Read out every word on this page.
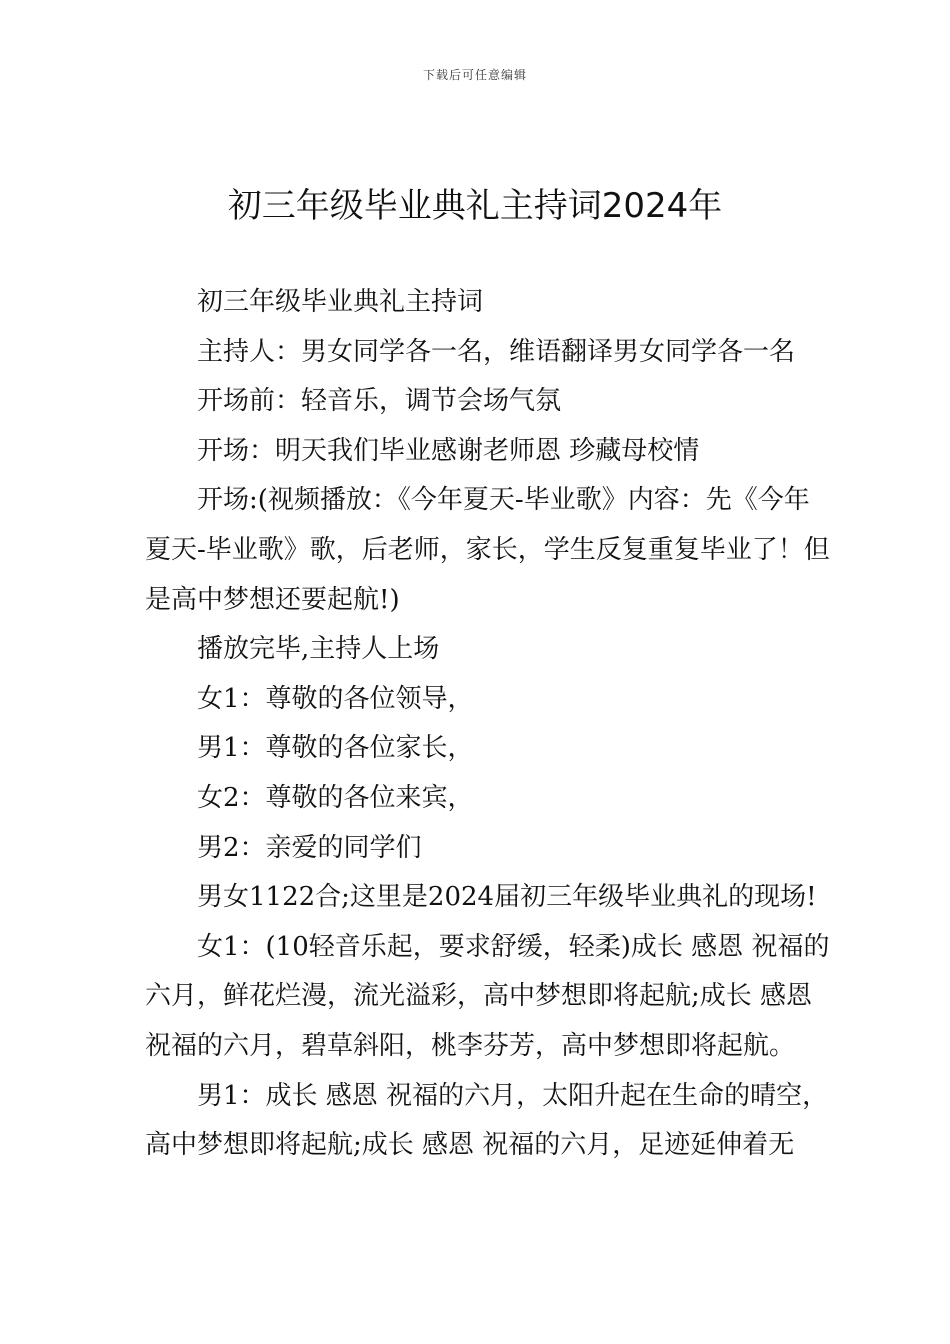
下载后可任意编辑
初三年级毕业典礼主持词2024年

初三年级毕业典礼主持词

主持人：男女同学各一名，维语翻译男女同学各一名

开场前：轻音乐，调节会场气氛

开场：明天我们毕业感谢老师恩 珍藏母校情

开场:(视频播放：《今年夏天-毕业歌》内容：先《今年夏天-毕业歌》歌，后老师，家长，学生反复重复毕业了！但是高中梦想还要起航!)

播放完毕,主持人上场

女1：尊敬的各位领导，

男1：尊敬的各位家长，

女2：尊敬的各位来宾，

男2：亲爱的同学们

男女1122合;这里是2024届初三年级毕业典礼的现场!

女1：(10轻音乐起，要求舒缓，轻柔)成长 感恩 祝福的六月，鲜花烂漫，流光溢彩，高中梦想即将起航;成长 感恩 祝福的六月，碧草斜阳，桃李芬芳，高中梦想即将起航。

男1：成长 感恩 祝福的六月，太阳升起在生命的晴空，高中梦想即将起航;成长 感恩 祝福的六月，足迹延伸着无
